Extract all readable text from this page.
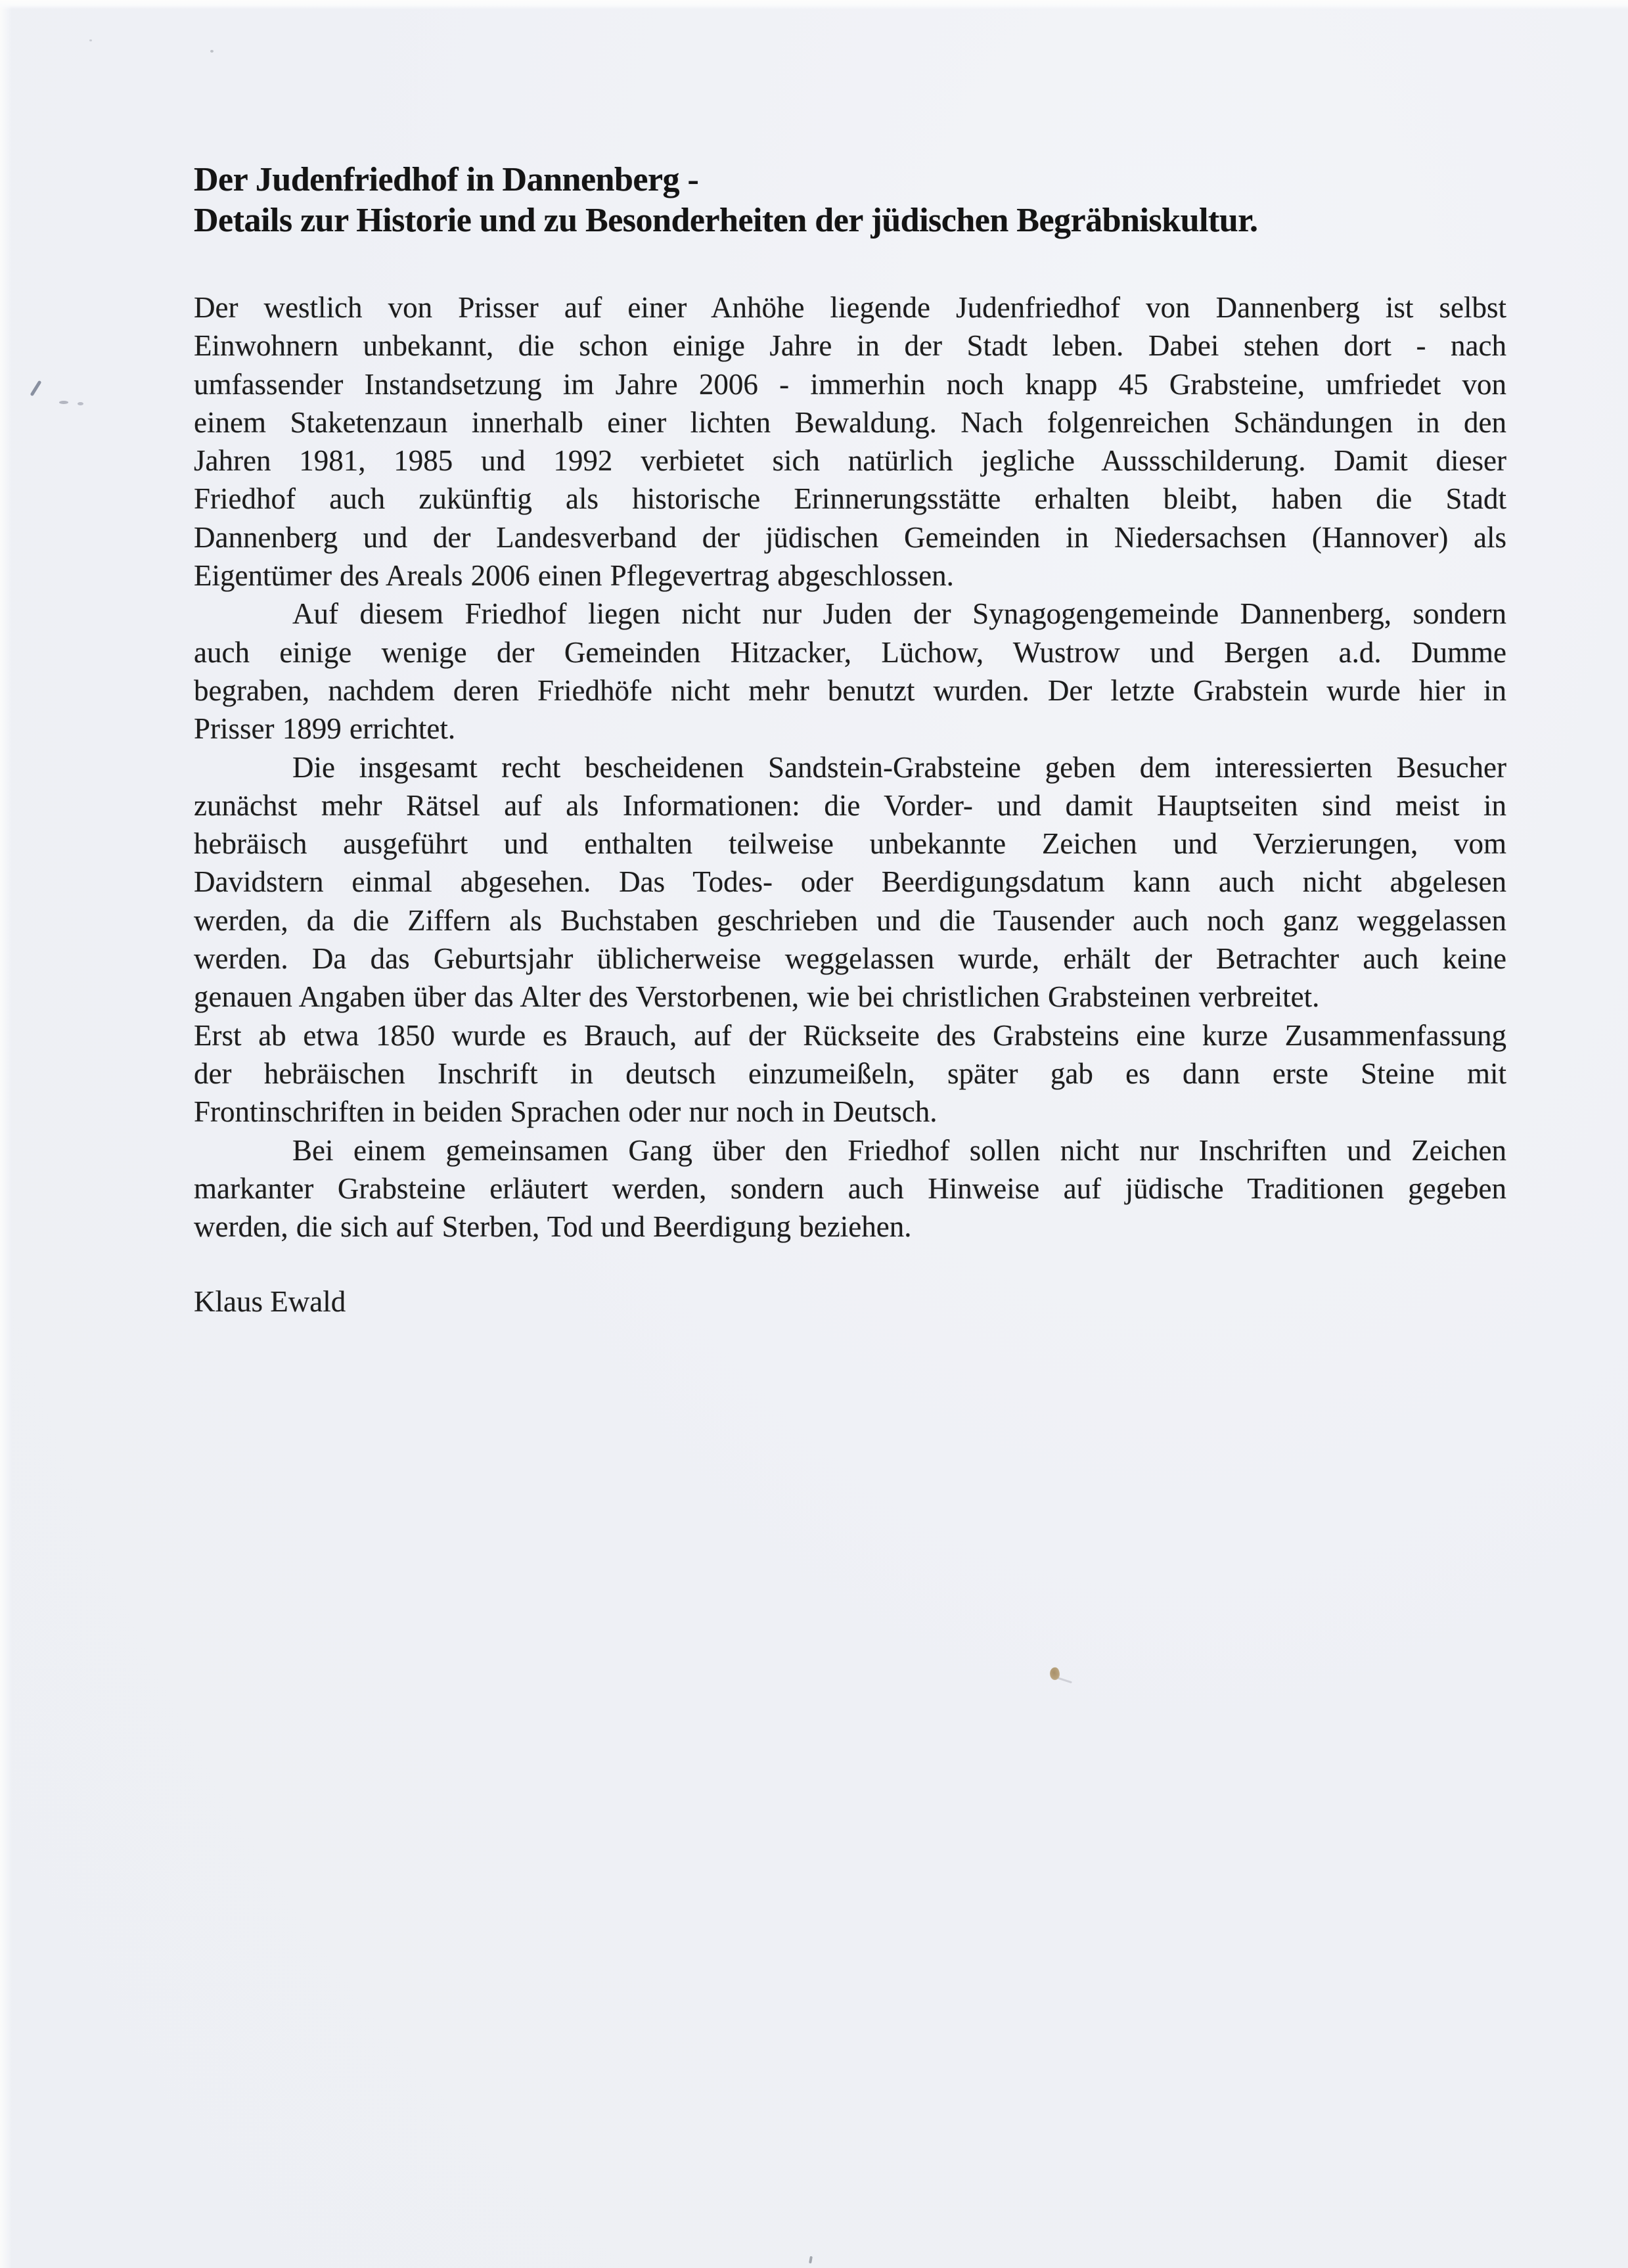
Der Judenfriedhof in Dannenberg -
Details zur Historie und zu Besonderheiten der jüdischen Begräbniskultur.
Der westlich von Prisser auf einer Anhöhe liegende Judenfriedhof von Dannenberg ist selbst
Einwohnern unbekannt, die schon einige Jahre in der Stadt leben. Dabei stehen dort - nach
umfassender Instandsetzung im Jahre 2006 - immerhin noch knapp 45 Grabsteine, umfriedet von
einem Staketenzaun innerhalb einer lichten Bewaldung. Nach folgenreichen Schändungen in den
Jahren 1981, 1985 und 1992 verbietet sich natürlich jegliche Aussschilderung. Damit dieser
Friedhof auch zukünftig als historische Erinnerungsstätte erhalten bleibt, haben die Stadt
Dannenberg und der Landesverband der jüdischen Gemeinden in Niedersachsen (Hannover) als
Eigentümer des Areals 2006 einen Pflegevertrag abgeschlossen.
Auf diesem Friedhof liegen nicht nur Juden der Synagogengemeinde Dannenberg, sondern
auch einige wenige der Gemeinden Hitzacker, Lüchow, Wustrow und Bergen a.d. Dumme
begraben, nachdem deren Friedhöfe nicht mehr benutzt wurden. Der letzte Grabstein wurde hier in
Prisser 1899 errichtet.
Die insgesamt recht bescheidenen Sandstein-Grabsteine geben dem interessierten Besucher
zunächst mehr Rätsel auf als Informationen: die Vorder- und damit Hauptseiten sind meist in
hebräisch ausgeführt und enthalten teilweise unbekannte Zeichen und Verzierungen, vom
Davidstern einmal abgesehen. Das Todes- oder Beerdigungsdatum kann auch nicht abgelesen
werden, da die Ziffern als Buchstaben geschrieben und die Tausender auch noch ganz weggelassen
werden. Da das Geburtsjahr üblicherweise weggelassen wurde, erhält der Betrachter auch keine
genauen Angaben über das Alter des Verstorbenen, wie bei christlichen Grabsteinen verbreitet.
Erst ab etwa 1850 wurde es Brauch, auf der Rückseite des Grabsteins eine kurze Zusammenfassung
der hebräischen Inschrift in deutsch einzumeißeln, später gab es dann erste Steine mit
Frontinschriften in beiden Sprachen oder nur noch in Deutsch.
Bei einem gemeinsamen Gang über den Friedhof sollen nicht nur Inschriften und Zeichen
markanter Grabsteine erläutert werden, sondern auch Hinweise auf jüdische Traditionen gegeben
werden, die sich auf Sterben, Tod und Beerdigung beziehen.
Klaus Ewald
